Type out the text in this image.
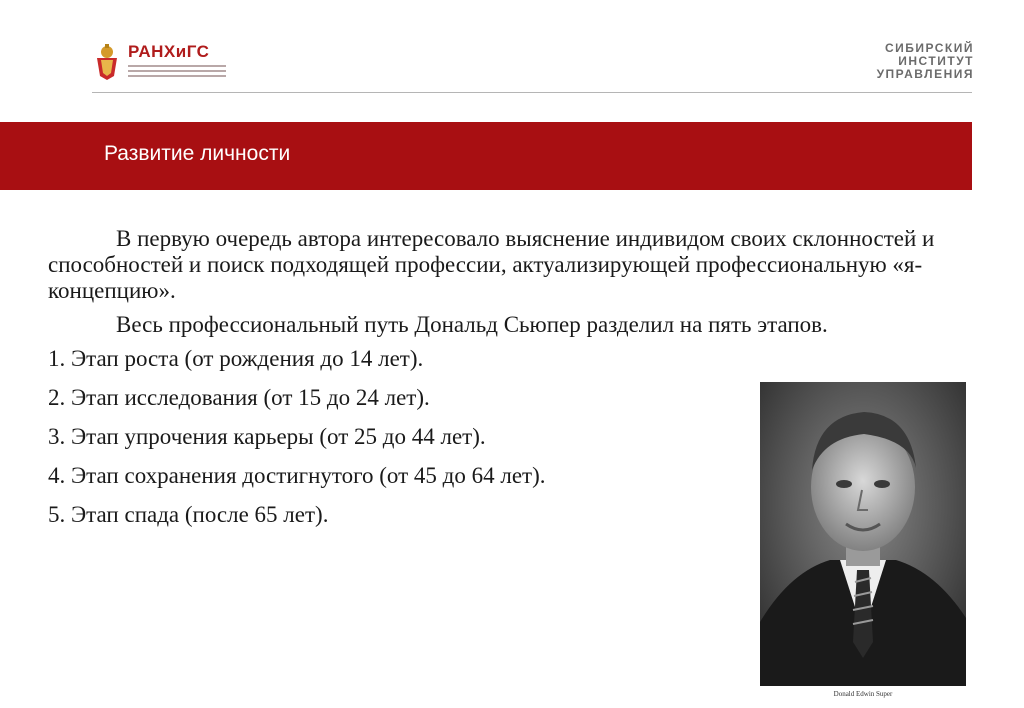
РАНХиГС	СИБИРСКИЙ
ИНСТИТУТ
УПРАВЛЕНИЯ
Развитие личности

В первую очередь автора интересовало выяснение индивидом своих склонностей и способностей и поиск подходящей профессии, актуализирующей профессиональную «я-концепцию».

Весь профессиональный путь Дональд Сьюпер разделил на пять этапов.

1. Этап роста (от рождения до 14 лет).

2. Этап исследования (от 15 до 24 лет).

3. Этап упрочения карьеры (от 25 до 44 лет).

4. Этап сохранения достигнутого (от 45 до 64 лет).

5. Этап спада (после 65 лет).

Donald Edwin Super
